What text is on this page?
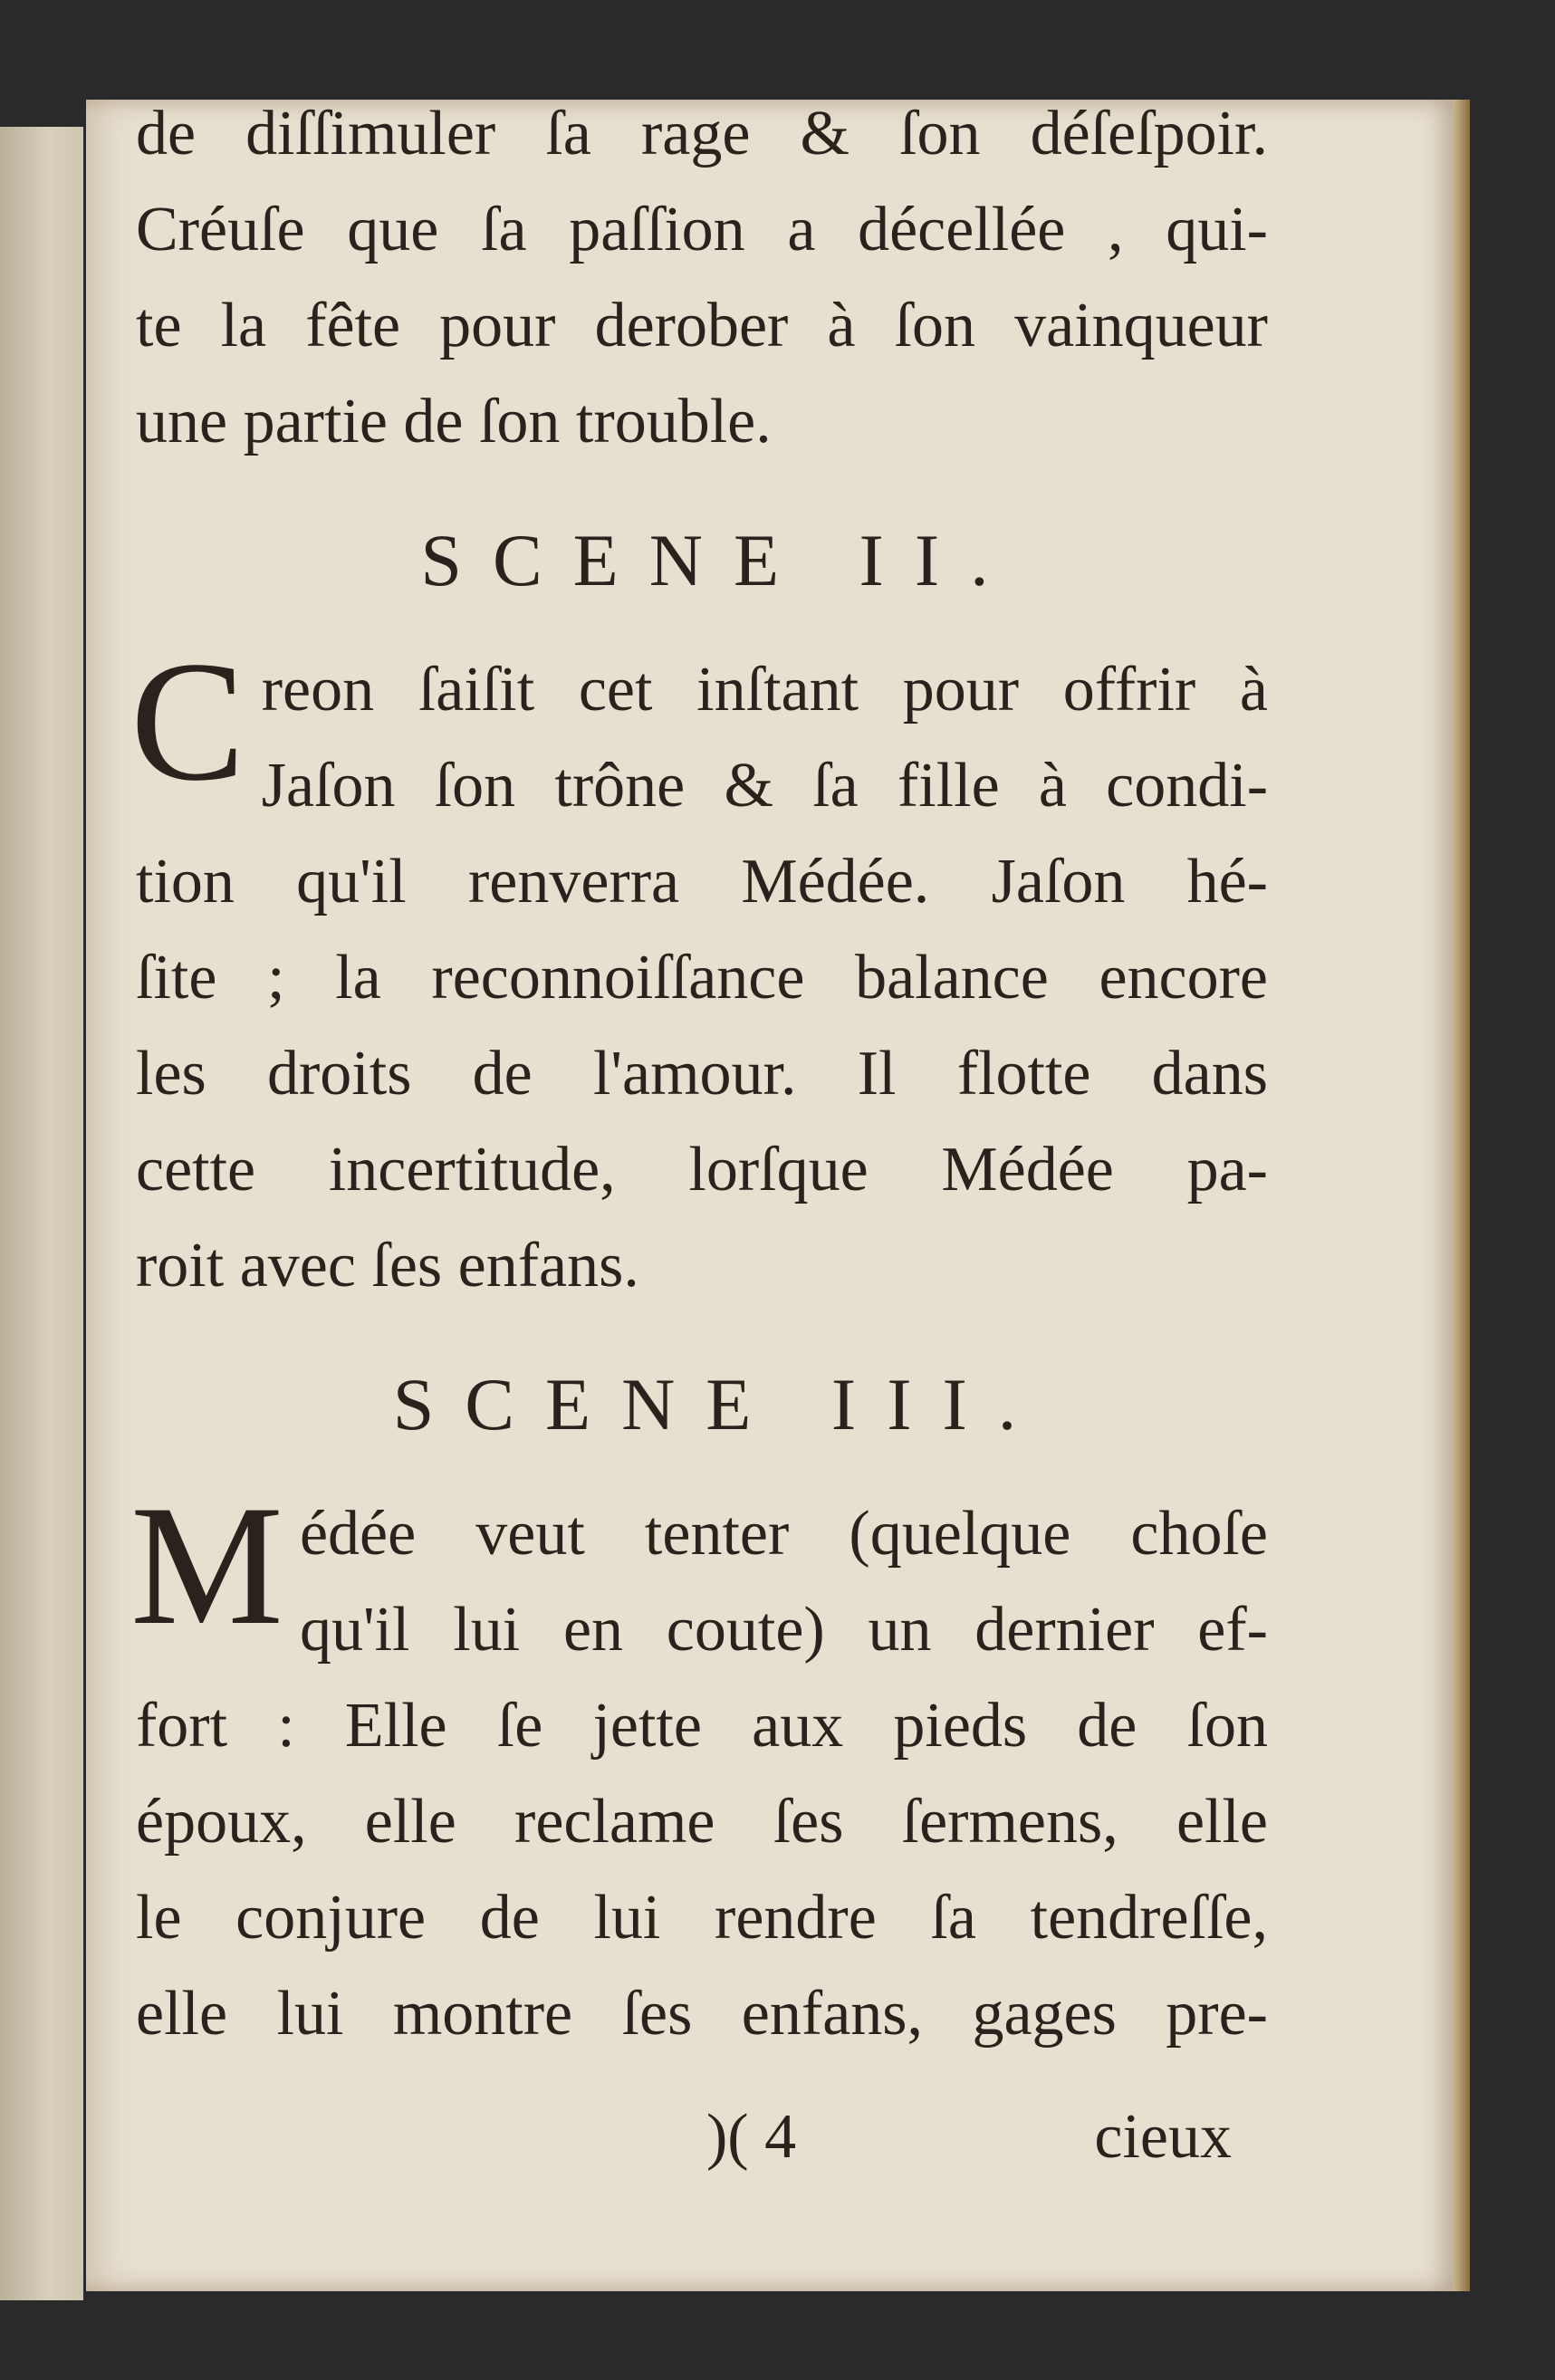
de diſſimuler ſa rage & ſon déſeſpoir.
Créuſe que ſa paſſion a décellée , qui-
te la fête pour derober à ſon vainqueur
une partie de ſon trouble.

SCENE II.

C reon ſaiſit cet inſtant pour offrir à
Jaſon ſon trône & ſa fille à condi-
tion qu'il renverra Médée. Jaſon hé-
ſite ; la reconnoiſſance balance encore
les droits de l'amour. Il flotte dans
cette incertitude, lorſque Médée pa-
roit avec ſes enfans.

SCENE III.

M édée veut tenter (quelque choſe
qu'il lui en coute) un dernier ef-
fort : Elle ſe jette aux pieds de ſon
époux, elle reclame ſes ſermens, elle
le conjure de lui rendre ſa tendreſſe,
elle lui montre ſes enfans, gages pre-

)( 4	cieux
